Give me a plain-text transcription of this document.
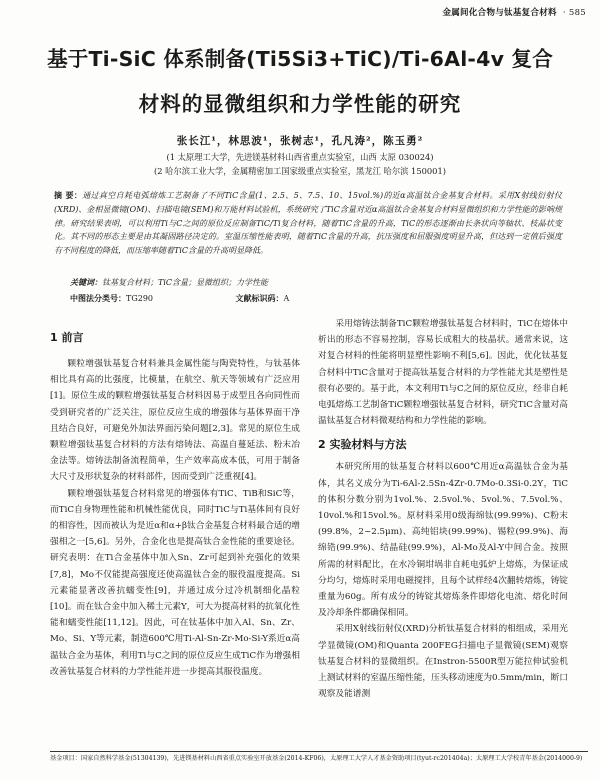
金属间化合物与钛基复合材料  · 585
基于Ti-SiC 体系制备(Ti5Si3+TiC)/Ti-6Al-4v 复合
材料的显微组织和力学性能的研究
张长江¹，林思波¹，张树志¹，孔凡涛²，陈玉勇²
(1 太原理工大学，先进镁基材料山西省重点实验室，山西 太原 030024)
(2 哈尔滨工业大学，金属精密加工国家级重点实验室，黑龙江 哈尔滨 150001)
摘 要：通过真空自耗电弧熔炼工艺制备了不同TiC含量(1、2.5、5、7.5、10、15vol.%)的近α高温钛合金基复合材料。采用X射线衍射仪(XRD)、金相显微镜(OM)、扫描电镜(SEM)和万能材料试验机，系统研究了TiC含量对近α高温钛合金基复合材料显微组织和力学性能的影响规律。研究结果表明，可以利用Ti与C之间的原位反应制备TiC/Ti复合材料，随着TiC含量的升高，TiC的形态逐渐由长条状向等轴状、枝晶状变化。其不同的形态主要是由其凝固路径决定的。室温压缩性能表明，随着TiC含量的升高，抗压强度和屈服强度明显升高，但达到一定值后强度有不同程度的降低，而压缩率随着TiC含量的升高明显降低。
关键词：钛基复合材料；TiC含量；显微组织；力学性能
中图法分类号：TG290	文献标识码：A
1 前言

颗粒增强钛基复合材料兼具金属性能与陶瓷特性，与钛基体相比具有高的比强度，比模量，在航空、航天等领域有广泛应用[1]。原位生成的颗粒增强钛基复合材料因易于成型且各向同性而受到研究者的广泛关注，原位反应生成的增强体与基体界面干净且结合良好，可避免外加法界面污染问题[2,3]。常见的原位生成颗粒增强钛基复合材料的方法有熔铸法、高温自蔓延法、粉末冶金法等。熔铸法制备流程简单，生产效率高成本低，可用于制备大尺寸及形状复杂的材料部件，因而受到广泛重视[4]。

颗粒增强钛基复合材料常见的增强体有TiC、TiB和SiC等，而TiC自身物理性能和机械性能优良，同时TiC与Ti基体间有良好的相容性，因而被认为是近α和α+β钛合金基复合材料最合适的增强相之一[5,6]。另外，合金化也是提高钛合金性能的重要途径。研究表明：在Ti合金基体中加入Sn、Zr可起到补充强化的效果[7,8]，Mo不仅能提高强度还使高温钛合金的服役温度提高。Si元素能显著改善抗蠕变性[9]，并通过成分过冷机制细化晶粒[10]。而在钛合金中加入稀土元素Y，可大为提高材料的抗氧化性能和蠕变性能[11,12]。因此，可在钛基体中加入Al、Sn、Zr、Mo、Si、Y等元素，制造600℃用Ti-Al-Sn-Zr-Mo-Si-Y系近α高温钛合金为基体，利用Ti与C之间的原位反应生成TiC作为增强相改善钛基复合材料的力学性能并进一步提高其服役温度。

采用熔铸法制备TiC颗粒增强钛基复合材料时，TiC在熔体中析出的形态不容易控制，容易长成粗大的枝晶状。通常来说，这对复合材料的性能将明显塑性影响不利[5,6]。因此，优化钛基复合材料中TiC含量对于提高钛基复合材料的力学性能尤其是塑性是很有必要的。基于此，本文利用Ti与C之间的原位反应，经非自耗电弧熔炼工艺制备TiC颗粒增强钛基复合材料，研究TiC含量对高温钛基复合材料微观结构和力学性能的影响。

2 实验材料与方法

本研究所用的钛基复合材料以600℃用近α高温钛合金为基体，其名义成分为Ti-6Al-2.5Sn-4Zr-0.7Mo-0.3Si-0.2Y，TiC的体积分数分别为1vol.%、2.5vol.%、5vol.%、7.5vol.%、10vol.%和15vol.%。原材料采用0级海绵钛(99.99%)、C粉末(99.8%，2~2.5μm)、高纯铝块(99.99%)、锡粒(99.9%)、海绵锆(99.9%)、结晶硅(99.9%)，Al-Mo及Al-Y中间合金。按照所需的材料配比，在水冷铜坩埚非自耗电弧炉上熔炼，为保证成分均匀，熔炼时采用电磁搅拌，且每个试样经4次翻转熔炼，铸锭重量为60g。所有成分的铸锭其熔炼条件即熔化电流、熔化时间及冷却条件都确保相同。

采用X射线衍射仪(XRD)分析钛基复合材料的相组成，采用光学显微镜(OM)和Quanta 200FEG扫描电子显微镜(SEM)观察钛基复合材料的显微组织。在Instron-5500R型万能拉伸试验机上测试材料的室温压缩性能，压头移动速度为0.5mm/min，断口观察及能谱测

基金项目：国家自然科学基金(51304139)，先进镁基材料山西省重点实验室开放基金(2014-KF06)，太原理工大学人才基金资助项目(tyut-rc201404a)；太原理工大学校青年基金(2014000-9)
